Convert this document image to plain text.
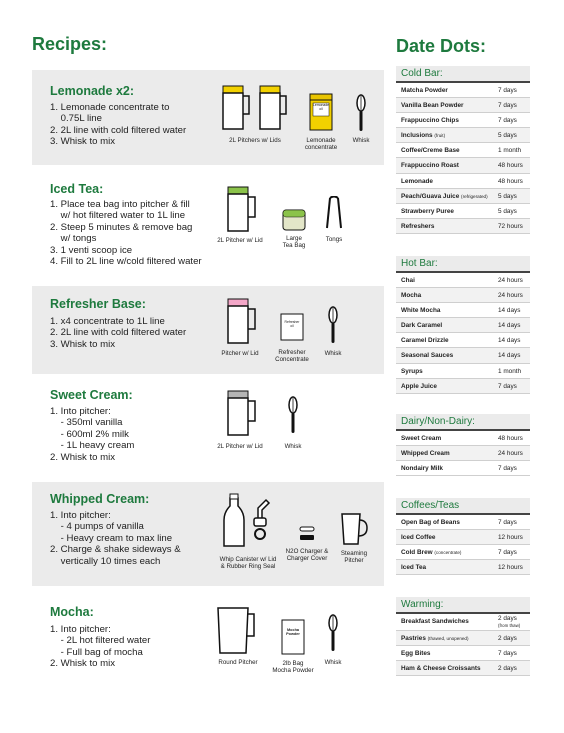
Recipes:	Date Dots:
Lemonade x2:
1. Lemonade concentrate to
0.75L line
2. 2L line with cold filtered water
3. Whisk to mix	2L Pitchers w/ Lids
Lemonade
oil
Lemonade
concentrate
Whisk
Iced Tea:
1. Place tea bag into pitcher & fill
w/ hot filtered water to 1L line
2. Steep 5 minutes & remove bag
w/ tongs
3. 1 venti scoop ice
4. Fill to 2L line w/cold filtered water
2L Pitcher w/ Lid	Large
Tea Bag
Tongs
Refresher Base:
1. x4 concentrate to 1L line
2. 2L line with cold filtered water
3. Whisk to mix
Pitcher w/ Lid
Refresher
oil
Refresher
Concentrate
Whisk
Sweet Cream:
1. Into pitcher:
- 350ml vanilla
- 600ml 2% milk
- 1L heavy cream
2. Whisk to mix
2L Pitcher w/ Lid	Whisk
Whipped Cream:
1. Into pitcher:
- 4 pumps of vanilla
- Heavy cream to max line
2. Charge & shake sideways &
vertically 10 times each	Whip Canister w/ Lid
& Rubber Ring Seal
N2O Charger &
Charger Cover
Steaming
Pitcher
Mocha:
1. Into pitcher:
- 2L hot filtered water
- Full bag of mocha
2. Whisk to mix	Round Pitcher
Mocha
Powder
2lb Bag
Mocha Powder
Whisk
Cold Bar:
Matcha Powder	7 days
Vanilla Bean Powder	7 days
Frappuccino Chips	7 days
Inclusions (fruit)	5 days
Coffee/Creme Base	1 month
Frappuccino Roast	48 hours
Lemonade	48 hours
Peach/Guava Juice (refrigerated) 5 days
Strawberry Puree	5 days
Refreshers	72 hours
Hot Bar:
Chai	24 hours
Mocha	24 hours
White Mocha	14 days
Dark Caramel	14 days
Caramel Drizzle	14 days
Seasonal Sauces	14 days
Syrups	1 month
Apple Juice	7 days
Dairy/Non-Dairy:
Sweet Cream	48 hours
Whipped Cream	24 hours
Nondairy Milk	7 days
Coffees/Teas
Open Bag of Beans	7 days
Iced Coffee	12 hours
Cold Brew (concentrate)	7 days
Iced Tea	12 hours
Warming:
Breakfast Sandwiches	2 days
(from thaw)
Pastries (thawed, unopened)	2 days
Egg Bites	7 days
Ham & Cheese Croissants	2 days
